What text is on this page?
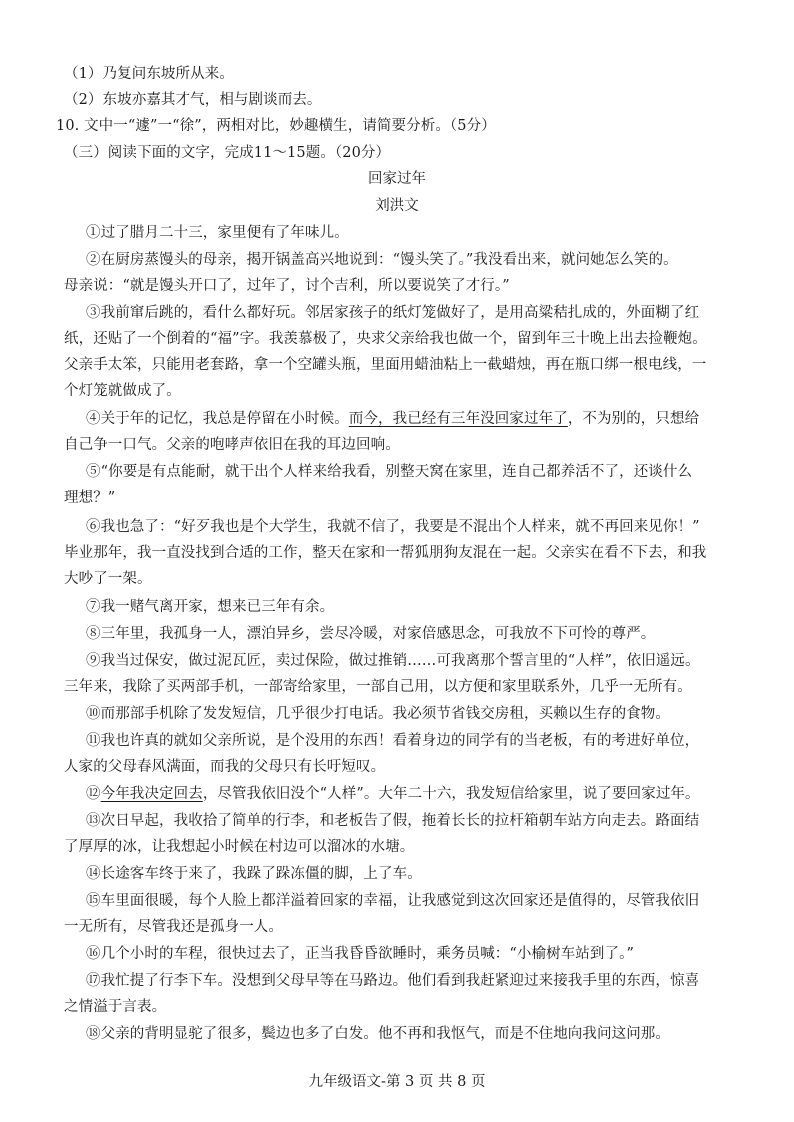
（1）乃复问东坡所从来。
（2）东坡亦嘉其才气，相与剧谈而去。
10. 文中一“遽”一“徐”，两相对比，妙趣横生，请简要分析。（5分）
（三）阅读下面的文字，完成11～15题。（20分）
回家过年
刘洪文
①过了腊月二十三，家里便有了年味儿。
②在厨房蒸馒头的母亲，揭开锅盖高兴地说到：“馒头笑了。”我没看出来，就问她怎么笑的。
母亲说：“就是馒头开口了，过年了，讨个吉利，所以要说笑了才行。”
③我前窜后跳的，看什么都好玩。邻居家孩子的纸灯笼做好了，是用高粱秸扎成的，外面糊了红
纸，还贴了一个倒着的“福”字。我羡慕极了，央求父亲给我也做一个，留到年三十晚上出去捡鞭炮。
父亲手太笨，只能用老套路，拿一个空罐头瓶，里面用蜡油粘上一截蜡烛，再在瓶口绑一根电线，一
个灯笼就做成了。
④关于年的记忆，我总是停留在小时候。而今，我已经有三年没回家过年了，不为别的，只想给
自己争一口气。父亲的咆哮声依旧在我的耳边回响。
⑤“你要是有点能耐，就干出个人样来给我看，别整天窝在家里，连自己都养活不了，还谈什么
理想？”
⑥我也急了：“好歹我也是个大学生，我就不信了，我要是不混出个人样来，就不再回来见你！”
毕业那年，我一直没找到合适的工作，整天在家和一帮狐朋狗友混在一起。父亲实在看不下去，和我
大吵了一架。
⑦我一赌气离开家，想来已三年有余。
⑧三年里，我孤身一人，漂泊异乡，尝尽冷暖，对家倍感思念，可我放不下可怜的尊严。
⑨我当过保安，做过泥瓦匠，卖过保险，做过推销……可我离那个誓言里的“人样”，依旧遥远。
三年来，我除了买两部手机，一部寄给家里，一部自己用，以方便和家里联系外，几乎一无所有。
⑩而那部手机除了发发短信，几乎很少打电话。我必须节省钱交房租，买赖以生存的食物。
⑪我也许真的就如父亲所说，是个没用的东西！看着身边的同学有的当老板，有的考进好单位，
人家的父母春风满面，而我的父母只有长吁短叹。
⑫今年我决定回去，尽管我依旧没个“人样”。大年二十六，我发短信给家里，说了要回家过年。
⑬次日早起，我收拾了简单的行李，和老板告了假，拖着长长的拉杆箱朝车站方向走去。路面结
了厚厚的冰，让我想起小时候在村边可以溜冰的水塘。
⑭长途客车终于来了，我跺了跺冻僵的脚，上了车。
⑮车里面很暖，每个人脸上都洋溢着回家的幸福，让我感觉到这次回家还是值得的，尽管我依旧
一无所有，尽管我还是孤身一人。
⑯几个小时的车程，很快过去了，正当我昏昏欲睡时，乘务员喊：“小榆树车站到了。”
⑰我忙提了行李下车。没想到父母早等在马路边。他们看到我赶紧迎过来接我手里的东西，惊喜
之情溢于言表。
⑱父亲的背明显驼了很多，鬓边也多了白发。他不再和我怄气，而是不住地向我问这问那。
九年级语文-第 3 页 共 8 页
